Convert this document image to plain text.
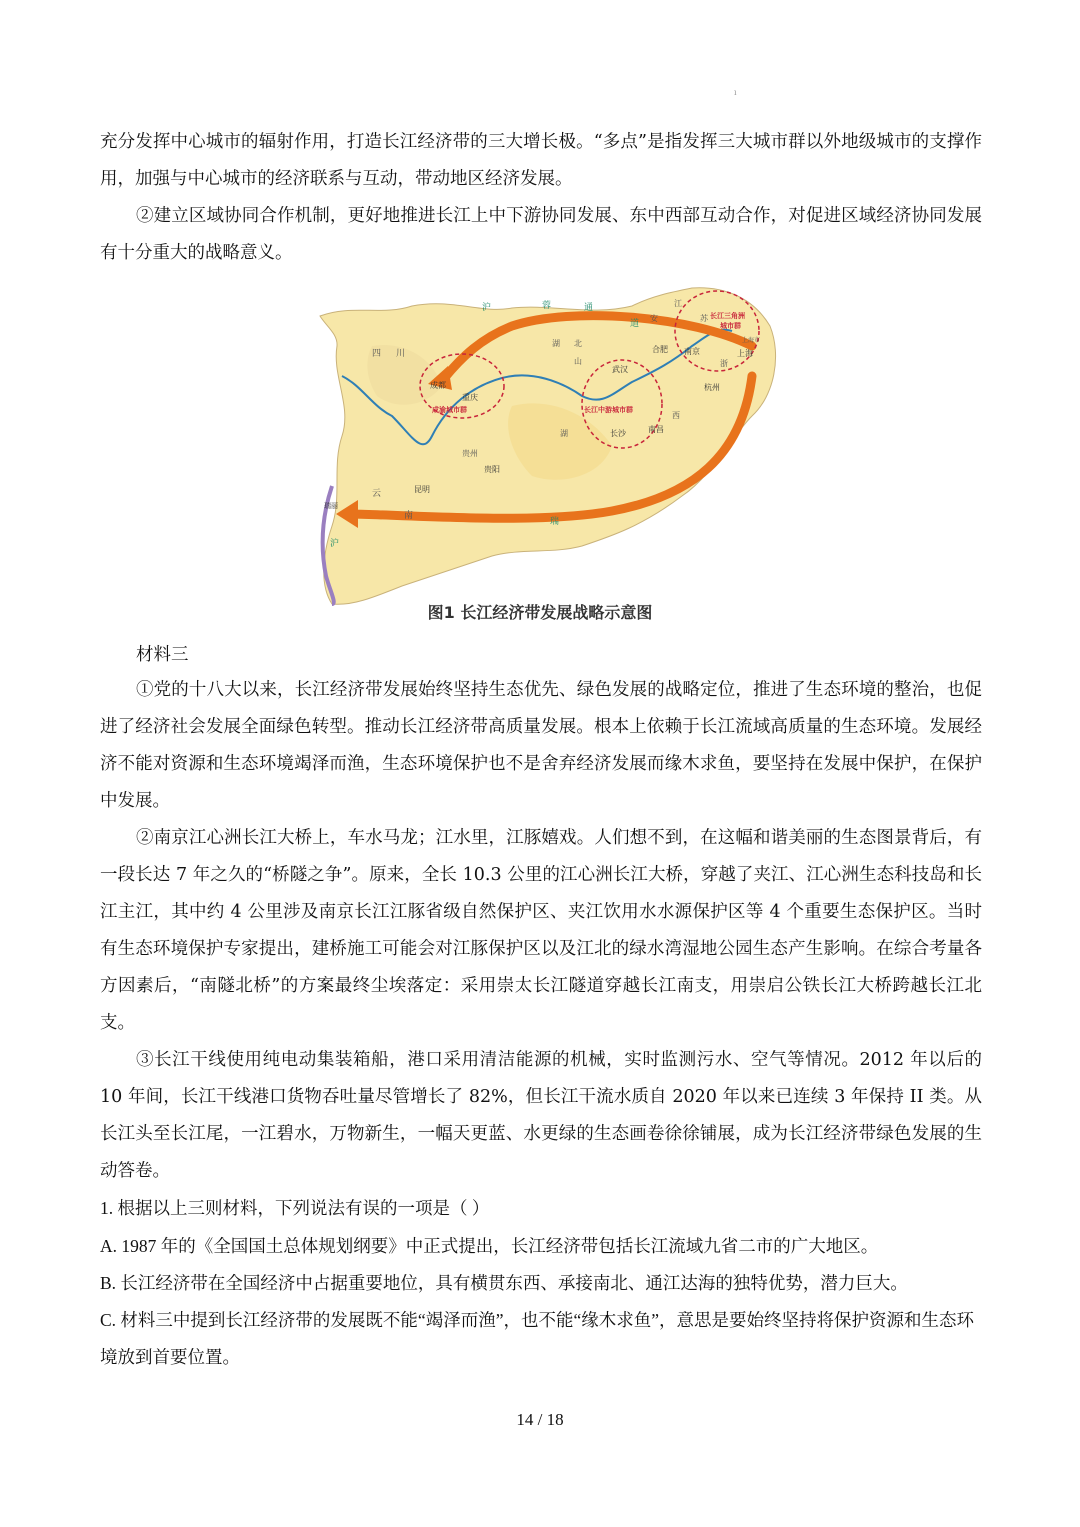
ı

充分发挥中心城市的辐射作用，打造长江经济带的三大增长极。“多点”是指发挥三大城市群以外地级城市的支撑作用，加强与中心城市的经济联系与互动，带动地区经济发展。

②建立区域协同合作机制，更好地推进长江上中下游协同发展、东中西部互动合作，对促进区域经济协同发展有十分重大的战略意义。

江
安	苏 长江三角洲
城市群
上海市
合肥 南京	上海
蓉	通
道
四 川
成都
重庆
成渝城市群
武汉
长江中游城市群
长沙
杭州
南昌
贵州
贵阳
云	昆明
南
瑞
瑞丽
湖 北
浙
西
湖
山
沪
沪
图1 长江经济带发展战略示意图

材料三

①党的十八大以来，长江经济带发展始终坚持生态优先、绿色发展的战略定位，推进了生态环境的整治，也促进了经济社会发展全面绿色转型。推动长江经济带高质量发展。根本上依赖于长江流域高质量的生态环境。发展经济不能对资源和生态环境竭泽而渔，生态环境保护也不是舍弃经济发展而缘木求鱼，要坚持在发展中保护，在保护中发展。

②南京江心洲长江大桥上，车水马龙；江水里，江豚嬉戏。人们想不到，在这幅和谐美丽的生态图景背后，有一段长达 7 年之久的“桥隧之争”。原来，全长 10.3 公里的江心洲长江大桥，穿越了夹江、江心洲生态科技岛和长江主江，其中约 4 公里涉及南京长江江豚省级自然保护区、夹江饮用水水源保护区等 4 个重要生态保护区。当时有生态环境保护专家提出，建桥施工可能会对江豚保护区以及江北的绿水湾湿地公园生态产生影响。在综合考量各方因素后，“南隧北桥”的方案最终尘埃落定：采用崇太长江隧道穿越长江南支，用崇启公铁长江大桥跨越长江北支。

③长江干线使用纯电动集装箱船，港口采用清洁能源的机械，实时监测污水、空气等情况。2012 年以后的 10 年间，长江干线港口货物吞吐量尽管增长了 82%，但长江干流水质自 2020 年以来已连续 3 年保持 II 类。从长江头至长江尾，一江碧水，万物新生，一幅天更蓝、水更绿的生态画卷徐徐铺展，成为长江经济带绿色发展的生动答卷。

1. 根据以上三则材料，下列说法有误的一项是（ ）

A. 1987 年的《全国国土总体规划纲要》中正式提出，长江经济带包括长江流域九省二市的广大地区。

B. 长江经济带在全国经济中占据重要地位，具有横贯东西、承接南北、通江达海的独特优势，潜力巨大。

C. 材料三中提到长江经济带的发展既不能“竭泽而渔”，也不能“缘木求鱼”，意思是要始终坚持将保护资源和生态环境放到首要位置。

14 / 18
